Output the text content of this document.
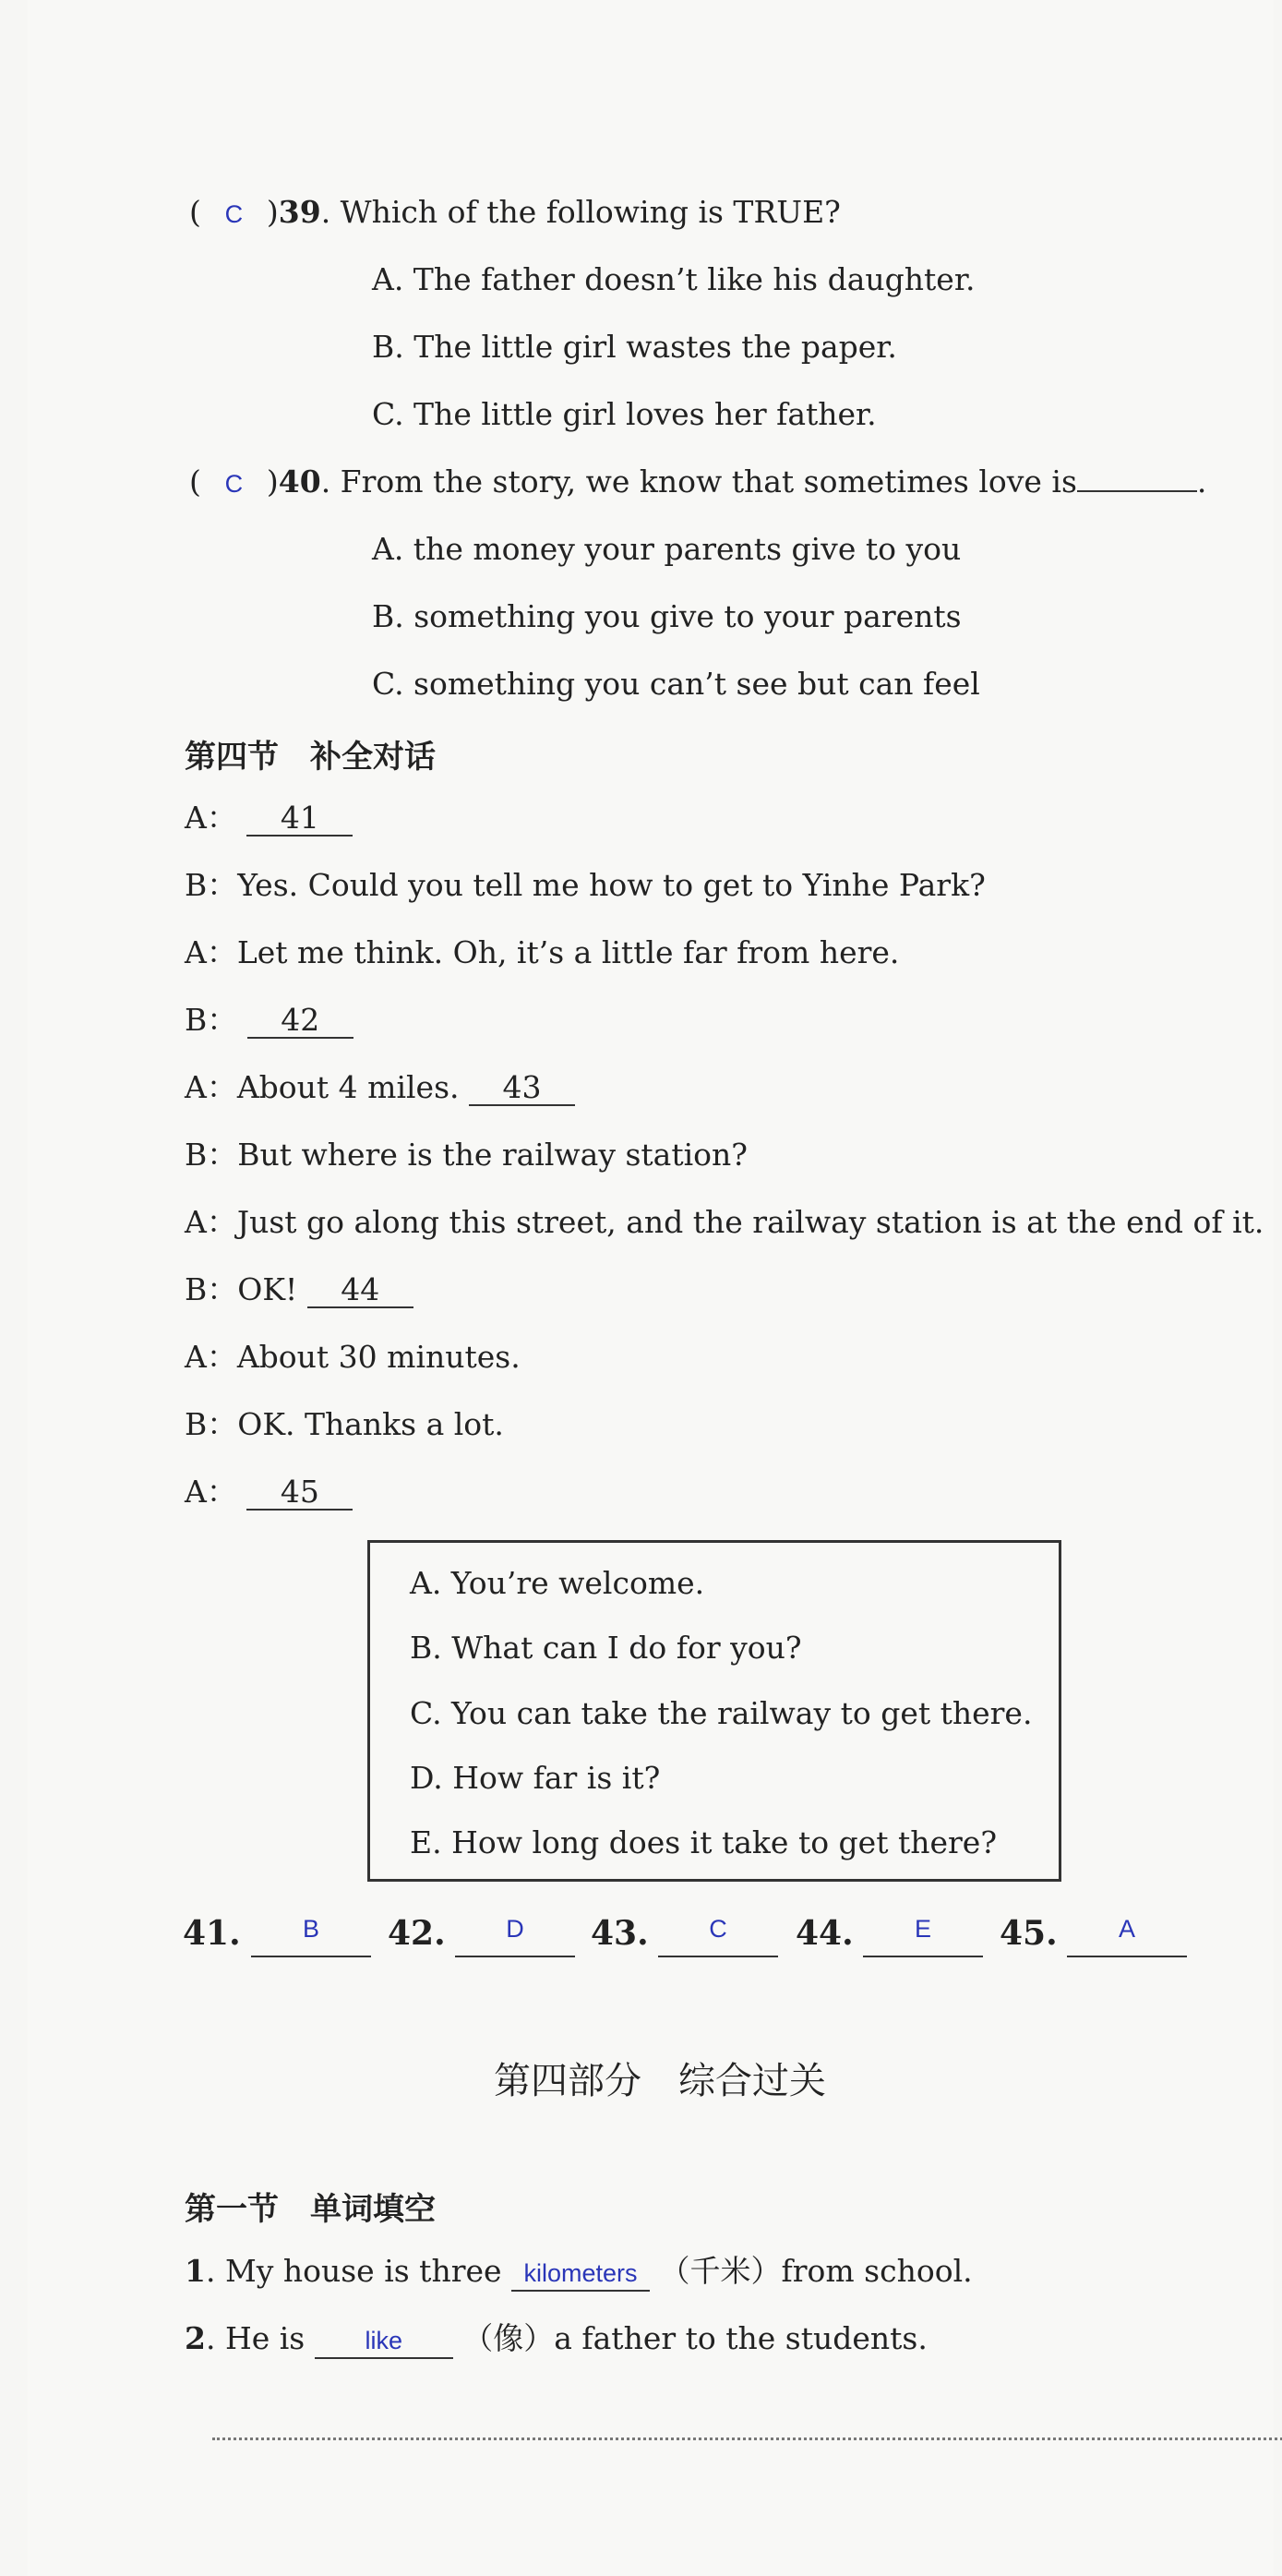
( C )39. Which of the following is TRUE?
A. The father doesn’t like his daughter.
B. The little girl wastes the paper.
C. The little girl loves her father.
( C )40. From the story, we know that sometimes love is	.
A. the money your parents give to you
B. something you give to your parents
C. something you can’t see but can feel
第四节　补全对话
A： 41
B：Yes. Could you tell me how to get to Yinhe Park?
A：Let me think. Oh, it’s a little far from here.
B： 42
A：About 4 miles. 43
B：But where is the railway station?
A：Just go along this street, and the railway station is at the end of it.
B：OK! 44
A：About 30 minutes.
B：OK. Thanks a lot.
A： 45
A. You’re welcome.
B. What can I do for you?
C. You can take the railway to get there.
D. How far is it?
E. How long does it take to get there?
41.	B	42.	D	43.	C	44.	E	45.	A
第四部分　综合过关
第一节　单词填空
1. My house is three kilometers （千米）from school.
2. He is like （像）a father to the students.
